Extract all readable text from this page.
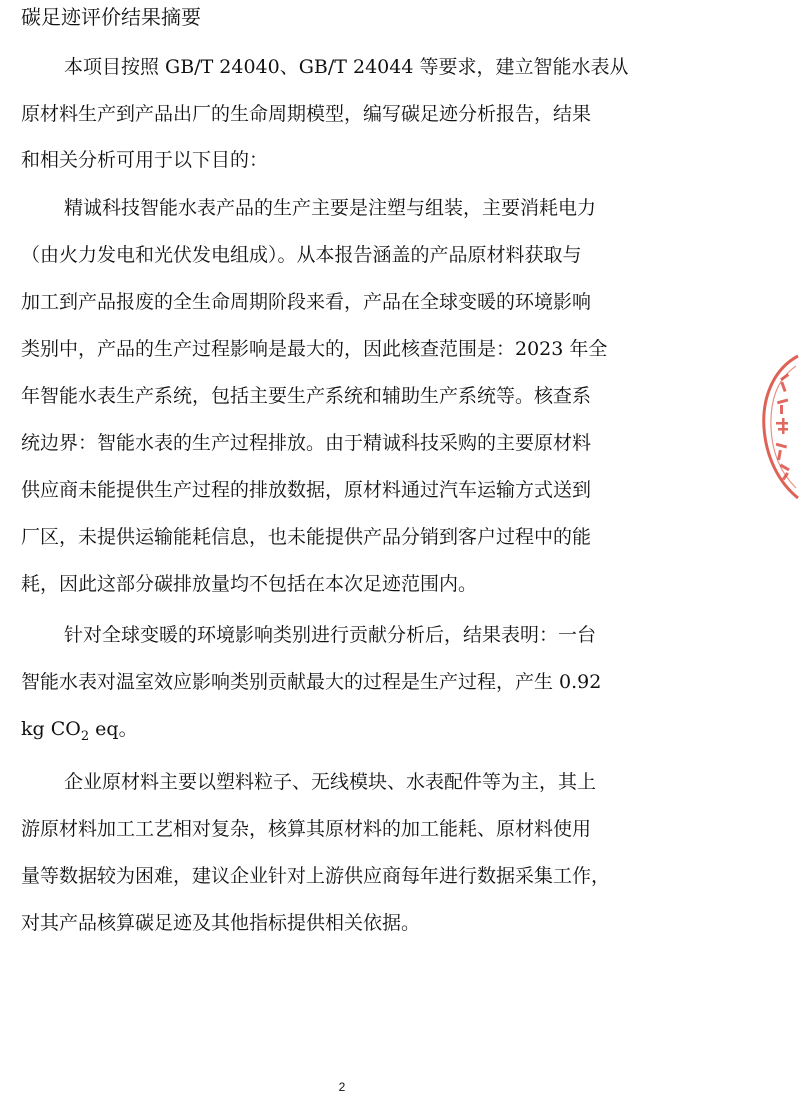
碳足迹评价结果摘要
本项目按照 GB/T 24040、GB/T 24044 等要求，建立智能水表从
原材料生产到产品出厂的生命周期模型，编写碳足迹分析报告，结果
和相关分析可用于以下目的：
精诚科技智能水表产品的生产主要是注塑与组装，主要消耗电力
（由火力发电和光伏发电组成）。从本报告涵盖的产品原材料获取与
加工到产品报废的全生命周期阶段来看，产品在全球变暖的环境影响
类别中，产品的生产过程影响是最大的，因此核查范围是：2023 年全
年智能水表生产系统，包括主要生产系统和辅助生产系统等。核查系
统边界：智能水表的生产过程排放。由于精诚科技采购的主要原材料
供应商未能提供生产过程的排放数据，原材料通过汽车运输方式送到
厂区，未提供运输能耗信息，也未能提供产品分销到客户过程中的能
耗，因此这部分碳排放量均不包括在本次足迹范围内。
针对全球变暖的环境影响类别进行贡献分析后，结果表明：一台
智能水表对温室效应影响类别贡献最大的过程是生产过程，产生 0.92
kg $CO_2$ eq。
企业原材料主要以塑料粒子、无线模块、水表配件等为主，其上
游原材料加工工艺相对复杂，核算其原材料的加工能耗、原材料使用
量等数据较为困难，建议企业针对上游供应商每年进行数据采集工作，
对其产品核算碳足迹及其他指标提供相关依据。
2
